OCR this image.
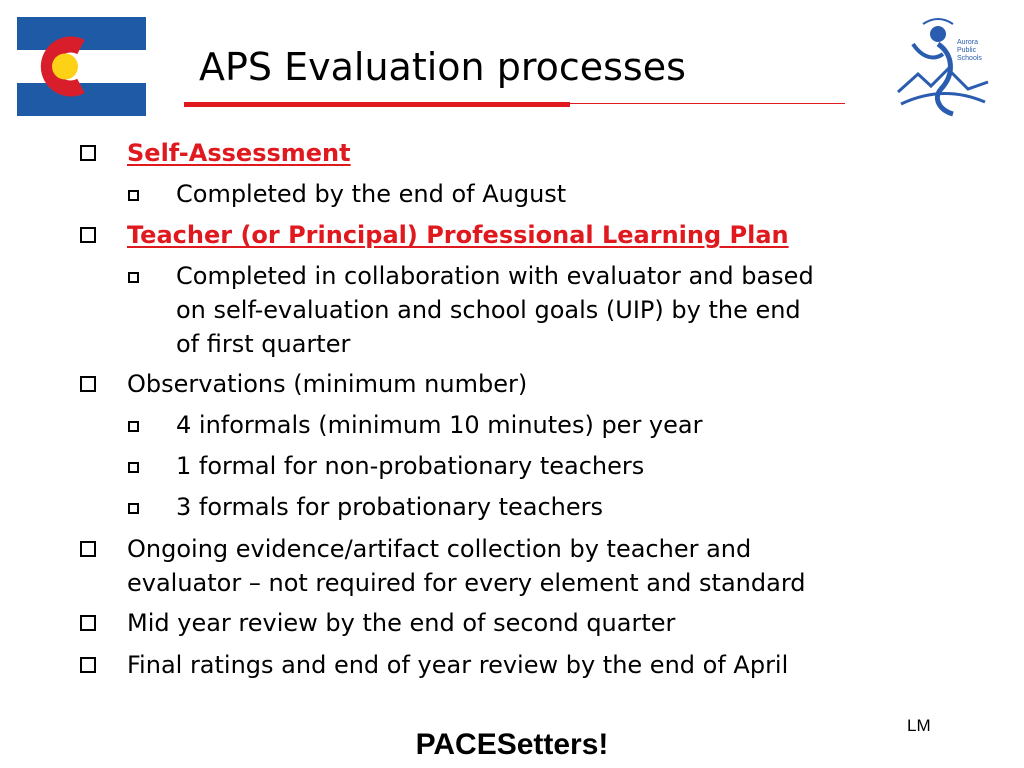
APS Evaluation processes
Aurora
Public
Schools
Self-Assessment
Completed by the end of August
Teacher (or Principal) Professional Learning Plan
Completed in collaboration with evaluator and based
on self-evaluation and school goals (UIP) by the end
of first quarter
Observations (minimum number)
4 informals (minimum 10 minutes) per year
1 formal for non-probationary teachers
3 formals for probationary teachers
Ongoing evidence/artifact collection by teacher and
evaluator – not required for every element and standard
Mid year review by the end of second quarter
Final ratings and end of year review by the end of April
PACESetters!
LM
